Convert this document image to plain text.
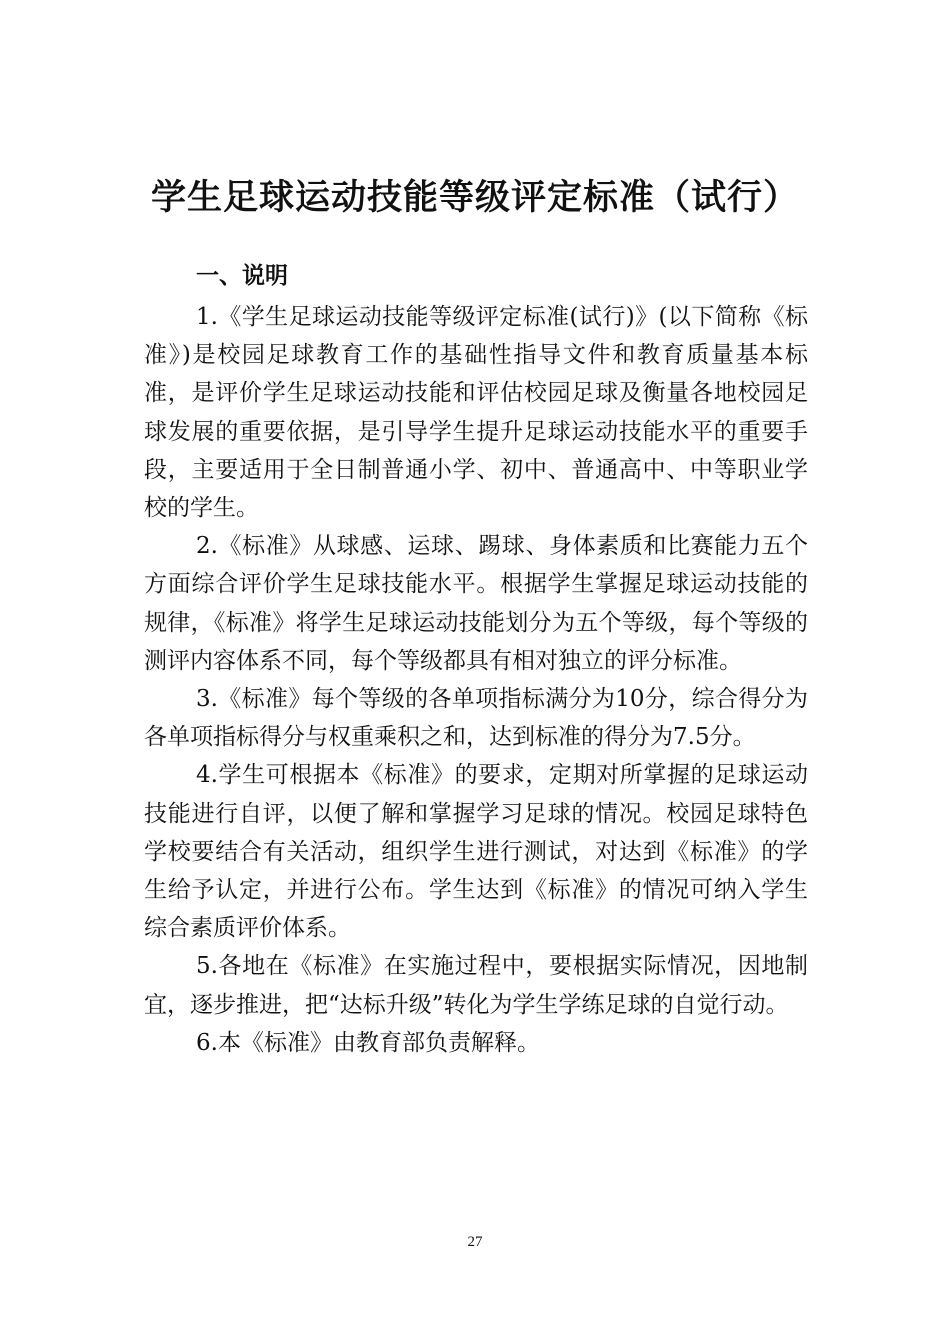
学生足球运动技能等级评定标准（试行）
一、说明

1.《学生足球运动技能等级评定标准(试行)》(以下简称《标准》)是校园足球教育工作的基础性指导文件和教育质量基本标准，是评价学生足球运动技能和评估校园足球及衡量各地校园足球发展的重要依据，是引导学生提升足球运动技能水平的重要手段，主要适用于全日制普通小学、初中、普通高中、中等职业学校的学生。

2.《标准》从球感、运球、踢球、身体素质和比赛能力五个方面综合评价学生足球技能水平。根据学生掌握足球运动技能的规律，《标准》将学生足球运动技能划分为五个等级，每个等级的测评内容体系不同，每个等级都具有相对独立的评分标准。

3.《标准》每个等级的各单项指标满分为10分，综合得分为各单项指标得分与权重乘积之和，达到标准的得分为7.5分。

4.学生可根据本《标准》的要求，定期对所掌握的足球运动技能进行自评，以便了解和掌握学习足球的情况。校园足球特色学校要结合有关活动，组织学生进行测试，对达到《标准》的学生给予认定，并进行公布。学生达到《标准》的情况可纳入学生综合素质评价体系。

5.各地在《标准》在实施过程中，要根据实际情况，因地制宜，逐步推进，把“达标升级”转化为学生学练足球的自觉行动。

6.本《标准》由教育部负责解释。

27
